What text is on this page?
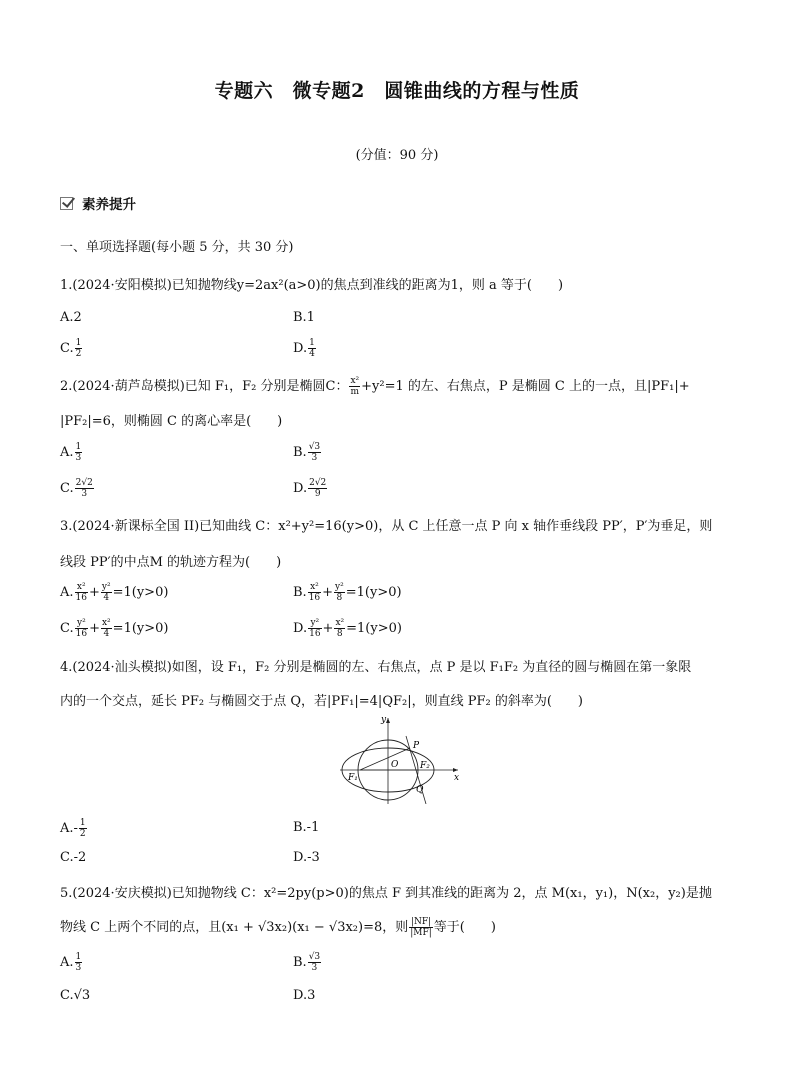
专题六　微专题2　圆锥曲线的方程与性质
(分值：90 分)
素养提升
一、单项选择题(每小题 5 分，共 30 分)
1.(2024·安阳模拟)已知抛物线y=2ax²(a>0)的焦点到准线的距离为1，则 a 等于(　　)
A.2	B.1
C. $\frac{1}{2}$	D. $\frac{1}{4}$
2.(2024·葫芦岛模拟)已知 F₁，F₂ 分别是椭圆C： $\frac{\text{x²}}{m} +y^2=1$ 的左、右焦点，P 是椭圆 C 上的一点，且|PF₁|+
|PF₂|=6，则椭圆 C 的离心率是(　　)
A. $\frac{1}{3}$	B. $\frac{√3}{3}$
C. $\frac{2√2}{3}$	D. $\frac{2√2}{9}$
3.(2024·新课标全国 II)已知曲线 C：x²+y²=16(y>0)，从 C 上任意一点 P 向 x 轴作垂线段 PP′，P′为垂足，则
线段 PP′的中点M 的轨迹方程为(　　)
A. $\frac{\text{x²}}{16} + \frac{\text{y²}}{4} =1(y>0)$	B. $\frac{\text{x²}}{16} + \frac{\text{y²}}{8} =1(y>0)$
C. $\frac{\text{y²}}{16} + \frac{\text{x²}}{4} =1(y>0)$	D. $\frac{\text{y²}}{16} + \frac{\text{x²}}{8} =1(y>0)$
4.(2024·汕头模拟)如图，设 F₁，F₂ 分别是椭圆的左、右焦点，点 P 是以 F₁F₂ 为直径的圆与椭圆在第一象限
内的一个交点，延长 PF₂ 与椭圆交于点 Q，若|PF₁|=4|QF₂|，则直线 PF₂ 的斜率为(　　)
y
x
O
P
Q
F₁
F₂
$A.- \frac{1}{2}$	B.-1
C.-2	D.-3
5.(2024·安庆模拟)已知抛物线 C：x²=2py(p>0)的焦点 F 到其准线的距离为 2，点 M(x₁，y₁)，N(x₂，y₂)是抛
物线 C 上两个不同的点，且(x₁ + √3x₂)(x₁ − √3x₂)=8，则 $\frac{|NF|}{|MF|}$ 等于(　　)
A. $\frac{1}{3}$	B. $\frac{√3}{3}$
C.√3	D.3
